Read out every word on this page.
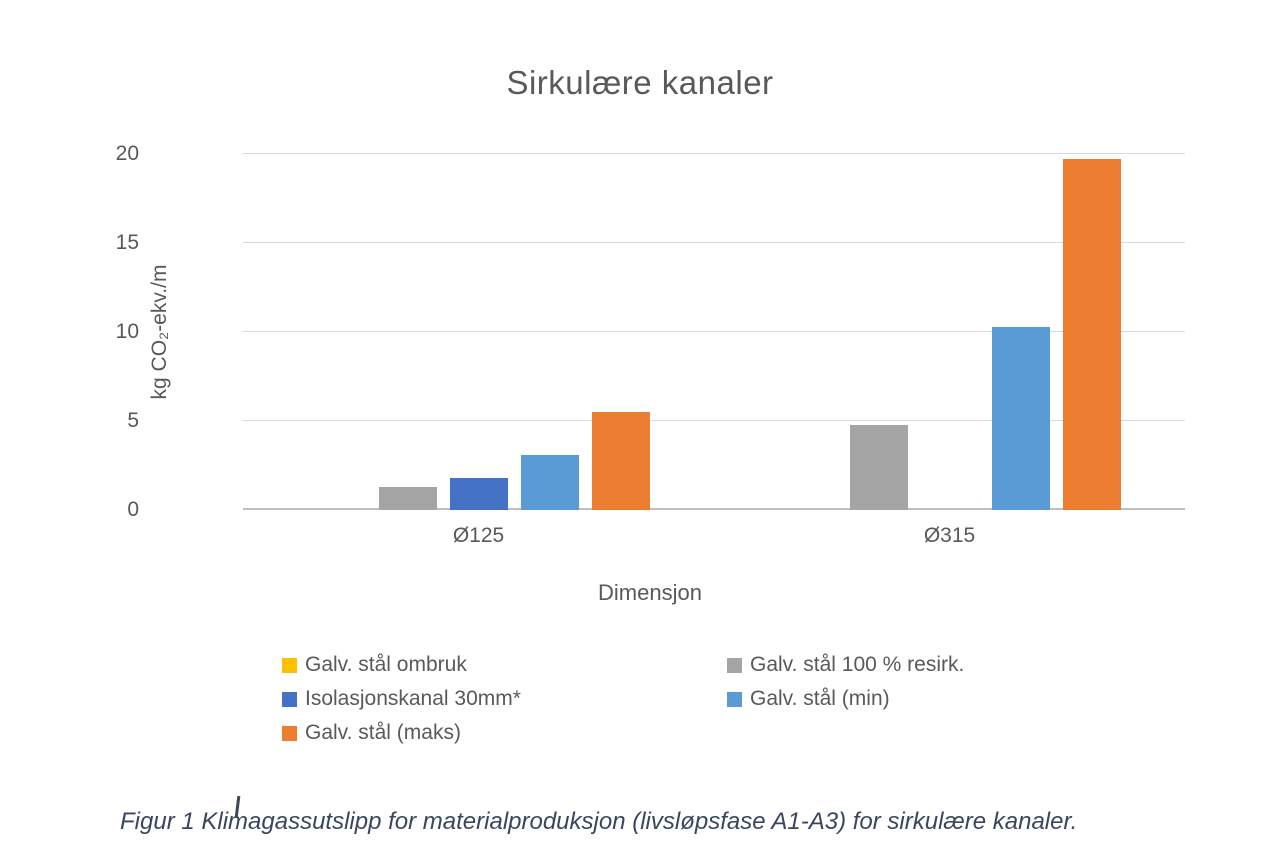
Sirkulære kanaler
kg CO₂-ekv./m
0
5
10
15
20
Ø125	Ø315
Dimensjon
Galv. stål ombruk	Galv. stål 100 % resirk.
Isolasjonskanal 30mm*	Galv. stål (min)
Galv. stål (maks)
Figur 1 Klimagassutslipp for materialproduksjon (livsløpsfase A1-A3) for sirkulære kanaler.
